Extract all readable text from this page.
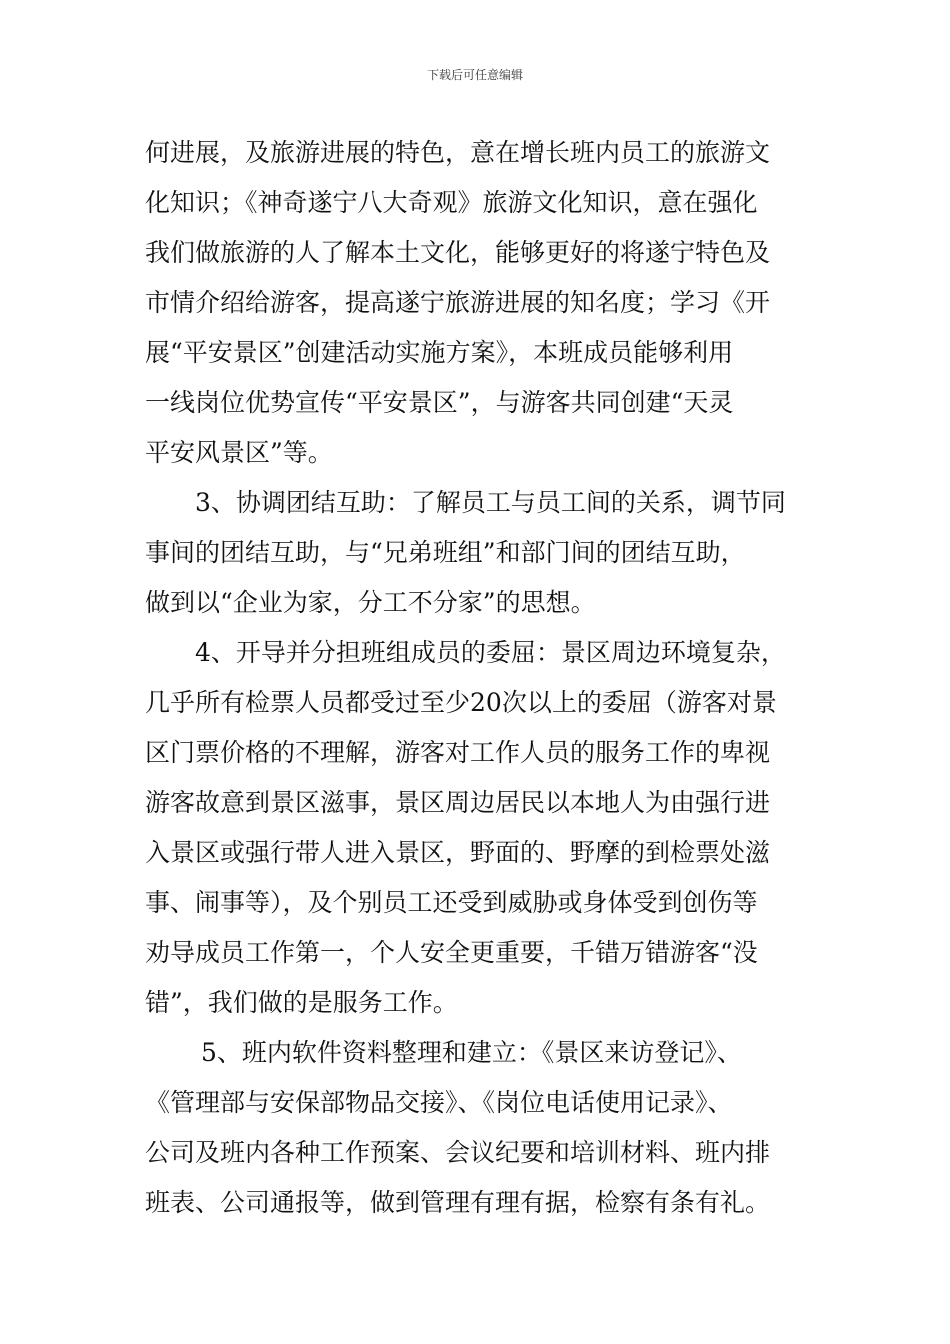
下载后可任意编辑
何进展，及旅游进展的特色，意在增长班内员工的旅游文
化知识；《神奇遂宁八大奇观》旅游文化知识，意在强化
我们做旅游的人了解本土文化，能够更好的将遂宁特色及
市情介绍给游客，提高遂宁旅游进展的知名度；学习《开
展“平安景区”创建活动实施方案》，本班成员能够利用
一线岗位优势宣传“平安景区”，与游客共同创建“天灵
平安风景区”等。
3、协调团结互助：了解员工与员工间的关系，调节同
事间的团结互助，与“兄弟班组”和部门间的团结互助，
做到以“企业为家，分工不分家”的思想。
4、开导并分担班组成员的委屈：景区周边环境复杂，
几乎所有检票人员都受过至少20次以上的委屈（游客对景
区门票价格的不理解，游客对工作人员的服务工作的卑视
游客故意到景区滋事，景区周边居民以本地人为由强行进
入景区或强行带人进入景区，野面的、野摩的到检票处滋
事、闹事等），及个别员工还受到威胁或身体受到创伤等
劝导成员工作第一，个人安全更重要，千错万错游客“没
错”，我们做的是服务工作。
5、班内软件资料整理和建立：《景区来访登记》、
《管理部与安保部物品交接》、《岗位电话使用记录》、
公司及班内各种工作预案、会议纪要和培训材料、班内排
班表、公司通报等，做到管理有理有据，检察有条有礼。
